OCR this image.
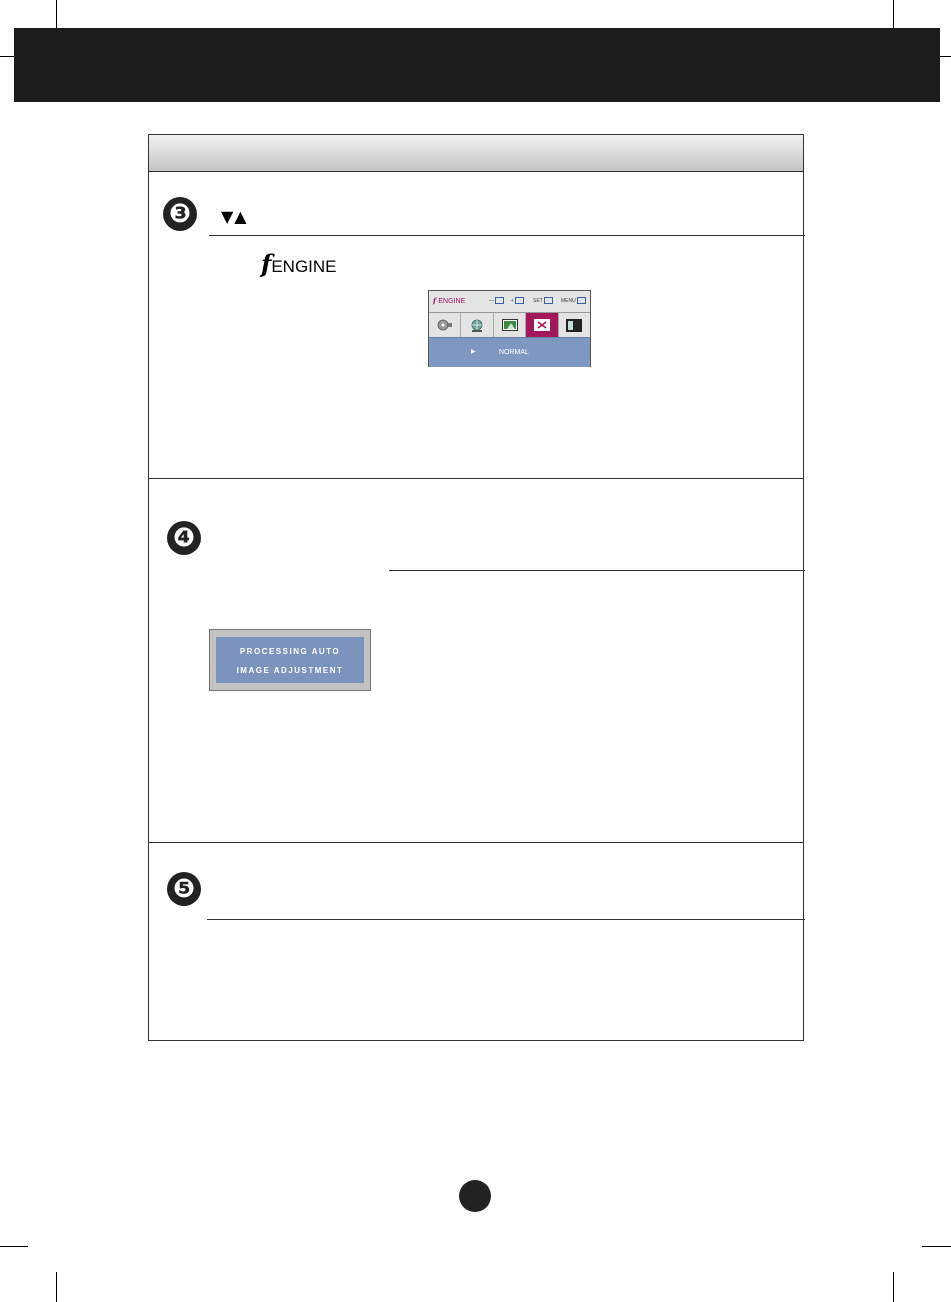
❸	▼▲
fENGINE
f·ENGINE	—	+	SET	MENU
▶	NORMAL
❹
PROCESSING AUTO
IMAGE ADJUSTMENT
❺
